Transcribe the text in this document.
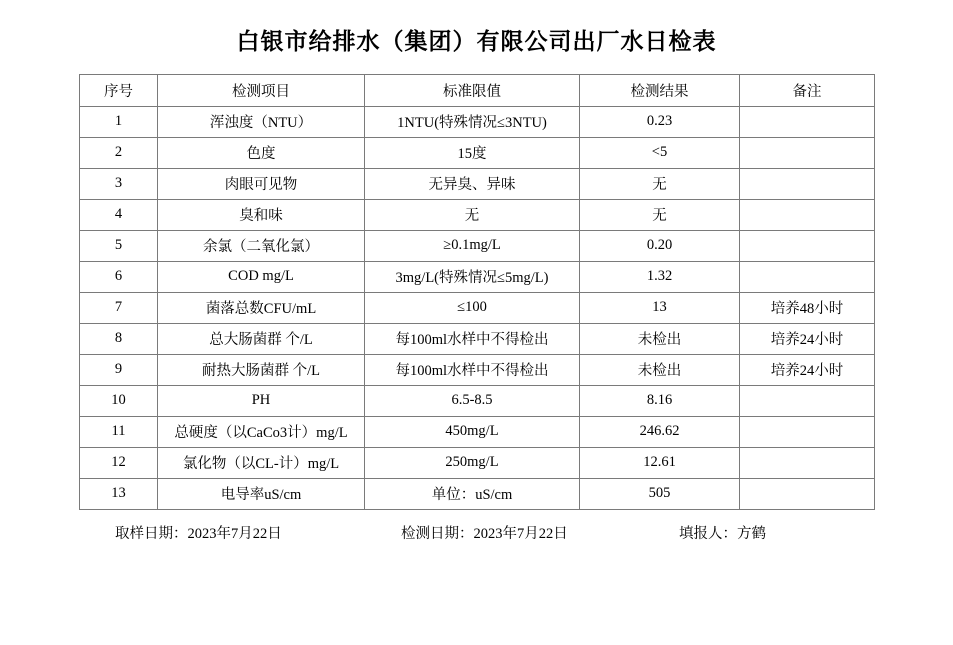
白银市给排水（集团）有限公司出厂水日检表
序号	检测项目	标准限值	检测结果	备注
1	浑浊度（NTU）	1NTU(特殊情况≤3NTU)	0.23	
2	色度	15度	<5	
3	肉眼可见物	无异臭、异味	无	
4	臭和味	无	无	
5	余氯（二氧化氯）	≥0.1mg/L	0.20	
6	COD mg/L	3mg/L(特殊情况≤5mg/L)	1.32	
7	菌落总数CFU/mL	≤100	13	培养48小时
8	总大肠菌群 个/L	每100ml水样中不得检出	未检出	培养24小时
9	耐热大肠菌群 个/L	每100ml水样中不得检出	未检出	培养24小时
10	PH	6.5-8.5	8.16	
11	总硬度（以CaCo3计）mg/L	450mg/L	246.62	
12	氯化物（以CL-计）mg/L	250mg/L	12.61	
13	电导率uS/cm	单位：uS/cm	505	
取样日期：2023年7月22日	检测日期：2023年7月22日	填报人：方鹤
